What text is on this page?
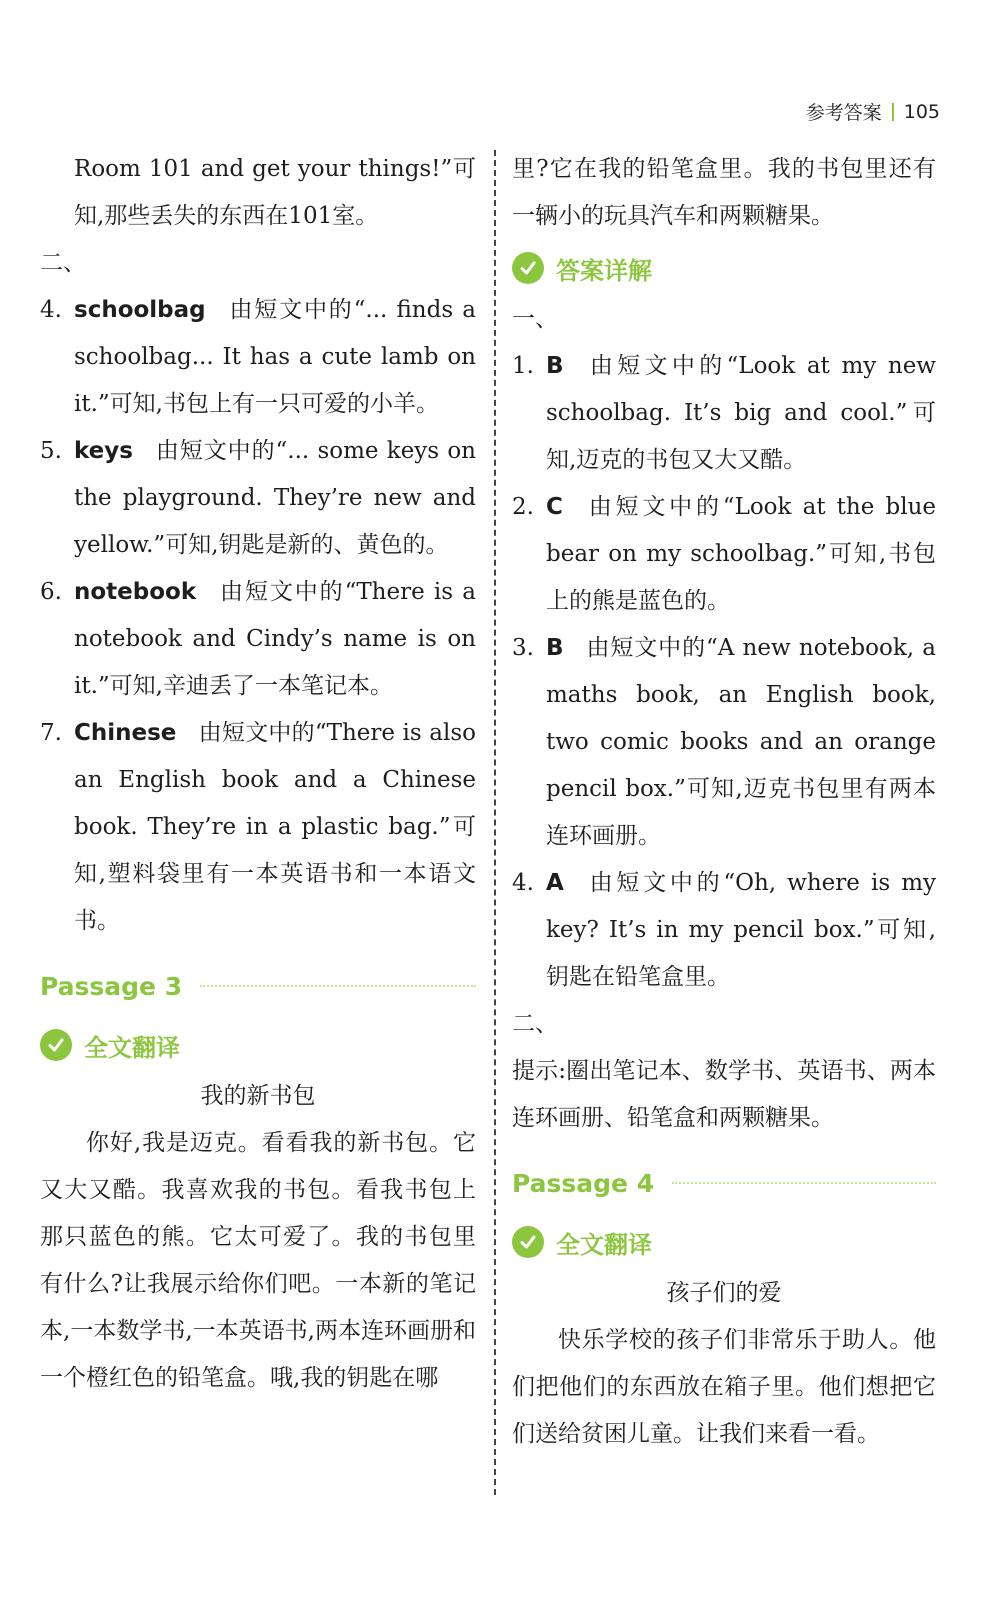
参考答案 105

Room 101 and get your things!”可知,那些丢失的东西在101室。

二、

4. schoolbag 由短文中的“... finds a schoolbag... It has a cute lamb on it.”可知,书包上有一只可爱的小羊。
5. keys 由短文中的“... some keys on the playground. They’re new and yellow.”可知,钥匙是新的、黄色的。
6. notebook 由短文中的“There is a notebook and Cindy’s name is on it.”可知,辛迪丢了一本笔记本。
7. Chinese 由短文中的“There is also an English book and a Chinese book. They’re in a plastic bag.”可知,塑料袋里有一本英语书和一本语文书。
Passage 3
全文翻译

我的新书包

你好,我是迈克。看看我的新书包。它又大又酷。我喜欢我的书包。看我书包上那只蓝色的熊。它太可爱了。我的书包里有什么?让我展示给你们吧。一本新的笔记本,一本数学书,一本英语书,两本连环画册和一个橙红色的铅笔盒。哦,我的钥匙在哪

里?它在我的铅笔盒里。我的书包里还有一辆小的玩具汽车和两颗糖果。

答案详解

一、

1. B 由短文中的“Look at my new schoolbag. It’s big and cool.”可知,迈克的书包又大又酷。
2. C 由短文中的“Look at the blue bear on my schoolbag.”可知,书包上的熊是蓝色的。
3. B 由短文中的“A new notebook, a maths book, an English book, two comic books and an orange pencil box.”可知,迈克书包里有两本连环画册。
4. A 由短文中的“Oh, where is my key? It’s in my pencil box.”可知,钥匙在铅笔盒里。

二、

提示:圈出笔记本、数学书、英语书、两本连环画册、铅笔盒和两颗糖果。

Passage 4
全文翻译

孩子们的爱

快乐学校的孩子们非常乐于助人。他们把他们的东西放在箱子里。他们想把它们送给贫困儿童。让我们来看一看。
